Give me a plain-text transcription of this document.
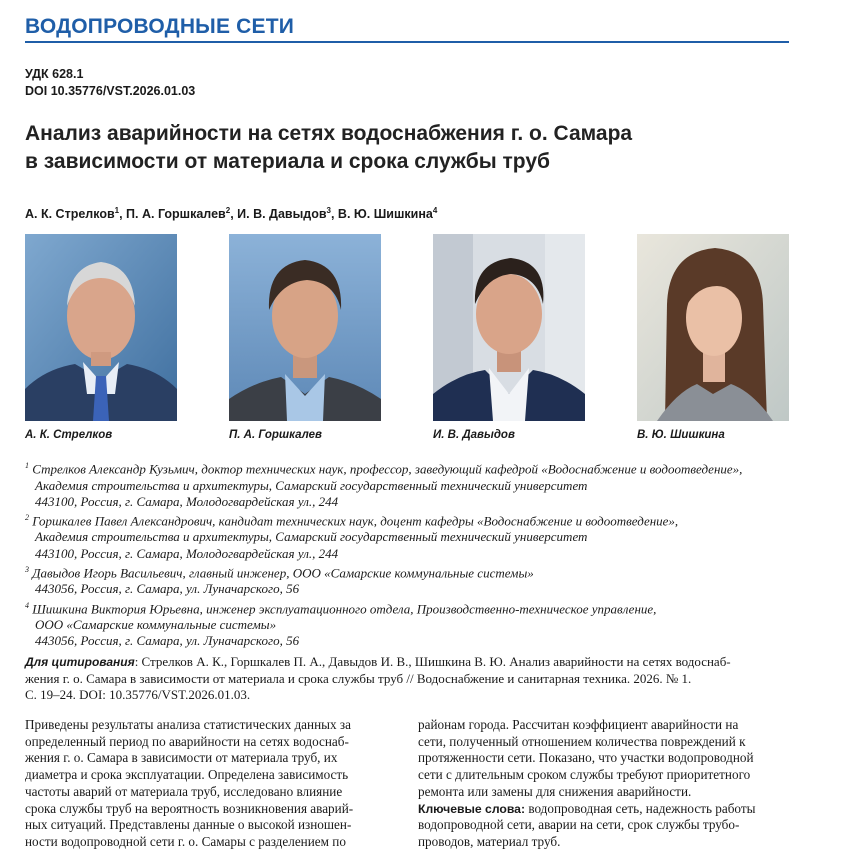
ВОДОПРОВОДНЫЕ СЕТИ
УДК 628.1
DOI 10.35776/VST.2026.01.03
Анализ аварийности на сетях водоснабжения г. о. Самара
в зависимости от материала и срока службы труб
А. К. Стрелков$^1$, П. А. Горшкалев$^2$, И. В. Давыдов$^3$, В. Ю. Шишкина$^4$
А. К. Стрелков	П. А. Горшкалев	И. В. Давыдов	В. Ю. Шишкина
$^1$ Стрелков Александр Кузьмич, доктор технических наук, профессор, заведующий кафедрой «Водоснабжение и водоотведение»,
Академия строительства и архитектуры, Самарский государственный технический университет
443100, Россия, г. Самара, Молодогвардейская ул., 244
$^2$ Горшкалев Павел Александрович, кандидат технических наук, доцент кафедры «Водоснабжение и водоотведение»,
Академия строительства и архитектуры, Самарский государственный технический университет
443100, Россия, г. Самара, Молодогвардейская ул., 244
$^3$ Давыдов Игорь Васильевич, главный инженер, ООО «Самарские коммунальные системы»
443056, Россия, г. Самара, ул. Луначарского, 56
$^4$ Шишкина Виктория Юрьевна, инженер эксплуатационного отдела, Производственно-техническое управление,
ООО «Самарские коммунальные системы»
443056, Россия, г. Самара, ул. Луначарского, 56
Для цитирования: Стрелков А. К., Горшкалев П. А., Давыдов И. В., Шишкина В. Ю. Анализ аварийности на сетях водоснаб-
жения г. о. Самара в зависимости от материала и срока службы труб // Водоснабжение и санитарная техника. 2026. № 1.
С. 19–24. DOI: 10.35776/VST.2026.01.03.
Приведены результаты анализа статистических данных за
определенный период по аварийности на сетях водоснаб-
жения г. о. Самара в зависимости от материала труб, их
диаметра и срока эксплуатации. Определена зависимость
частоты аварий от материала труб, исследовано влияние
срока службы труб на вероятность возникновения аварий-
ных ситуаций. Представлены данные о высокой изношен-
ности водопроводной сети г. о. Самары с разделением по
районам города. Рассчитан коэффициент аварийности на
сети, полученный отношением количества повреждений к
протяженности сети. Показано, что участки водопроводной
сети с длительным сроком службы требуют приоритетного
ремонта или замены для снижения аварийности.
Ключевые слова: водопроводная сеть, надежность работы
водопроводной сети, аварии на сети, срок службы трубо-
проводов, материал труб.
